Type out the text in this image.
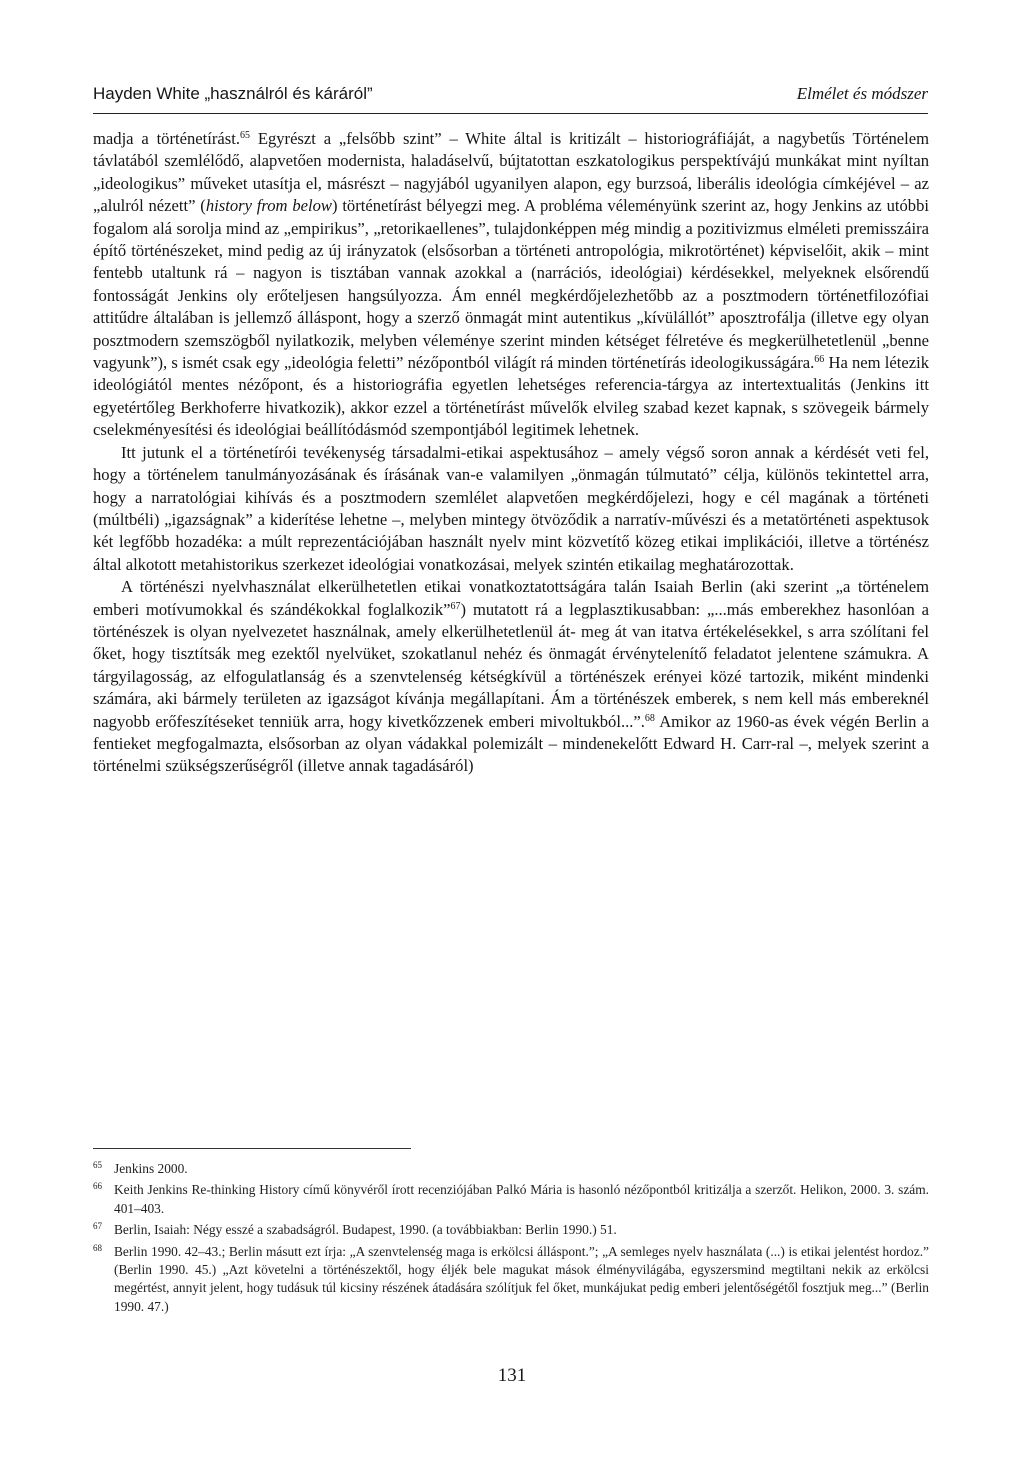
Hayden White „használról és káráról”	Elmélet és módszer

madja a történetírást.$^{65}$ Egyrészt a „felsőbb szint” – White által is kritizált – historiográfiáját, a nagybetűs Történelem távlatából szemlélődő, alapvetően modernista, haladáselvű, bújtatottan eszkatologikus perspektívájú munkákat mint nyíltan „ideologikus” műveket utasítja el, másrészt – nagyjából ugyanilyen alapon, egy burzsoá, liberális ideológia címkéjével – az „alulról nézett” (history from below) történetírást bélyegzi meg. A probléma véleményünk szerint az, hogy Jenkins az utóbbi fogalom alá sorolja mind az „empirikus”, „retorikaellenes”, tulajdonképpen még mindig a pozitivizmus elméleti premisszáira építő történészeket, mind pedig az új irányzatok (elsősorban a történeti antropológia, mikrotörténet) képviselőit, akik – mint fentebb utaltunk rá – nagyon is tisztában vannak azokkal a (narrációs, ideológiai) kérdésekkel, melyeknek elsőrendű fontosságát Jenkins oly erőteljesen hangsúlyozza. Ám ennél megkérdőjelezhetőbb az a posztmodern történetfilozófiai attitűdre általában is jellemző álláspont, hogy a szerző önmagát mint autentikus „kívülállót” aposztrofálja (illetve egy olyan posztmodern szemszögből nyilatkozik, melyben véleménye szerint minden kétséget félretéve és megkerülhetetlenül „benne vagyunk”), s ismét csak egy „ideológia feletti” nézőpontból világít rá minden történetírás ideologikusságára.$^{66}$ Ha nem létezik ideológiától mentes nézőpont, és a historiográfia egyetlen lehetséges referencia-tárgya az intertextualitás (Jenkins itt egyetértőleg Berkhoferre hivatkozik), akkor ezzel a történetírást művelők elvileg szabad kezet kapnak, s szövegeik bármely cselekményesítési és ideológiai beállítódásmód szempontjából legitimek lehetnek.

Itt jutunk el a történetírói tevékenység társadalmi-etikai aspektusához – amely végső soron annak a kérdését veti fel, hogy a történelem tanulmányozásának és írásának van-e valamilyen „önmagán túlmutató” célja, különös tekintettel arra, hogy a narratológiai kihívás és a posztmodern szemlélet alapvetően megkérdőjelezi, hogy e cél magának a történeti (múltbéli) „igazságnak” a kiderítése lehetne –, melyben mintegy ötvöződik a narratív-művészi és a metatörténeti aspektusok két legfőbb hozadéka: a múlt reprezentációjában használt nyelv mint közvetítő közeg etikai implikációi, illetve a történész által alkotott metahistorikus szerkezet ideológiai vonatkozásai, melyek szintén etikailag meghatározottak.

A történészi nyelvhasználat elkerülhetetlen etikai vonatkoztatottságára talán Isaiah Berlin (aki szerint „a történelem emberi motívumokkal és szándékokkal foglalkozik”$^{67}$) mutatott rá a legplasztikusabban: „...más emberekhez hasonlóan a történészek is olyan nyelvezetet használnak, amely elkerülhetetlenül át- meg át van itatva értékelésekkel, s arra szólítani fel őket, hogy tisztítsák meg ezektől nyelvüket, szokatlanul nehéz és önmagát érvénytelenítő feladatot jelentene számukra. A tárgyilagosság, az elfogulatlanság és a szenvtelenség kétségkívül a történészek erényei közé tartozik, miként mindenki számára, aki bármely területen az igazságot kívánja megállapítani. Ám a történészek emberek, s nem kell más embereknél nagyobb erőfeszítéseket tenniük arra, hogy kivetkőzzenek emberi mivoltukból...”.$^{68}$ Amikor az 1960-as évek végén Berlin a fentieket megfogalmazta, elsősorban az olyan vádakkal polemizált – mindenekelőtt Edward H. Carr-ral –, melyek szerint a történelmi szükségszerűségről (illetve annak tagadásáról)

65 Jenkins 2000.
66 Keith Jenkins Re-thinking History című könyvéről írott recenziójában Palkó Mária is hasonló nézőpontból kritizálja a szerzőt. Helikon, 2000. 3. szám. 401–403.
67 Berlin, Isaiah: Négy esszé a szabadságról. Budapest, 1990. (a továbbiakban: Berlin 1990.) 51.
68 Berlin 1990. 42–43.; Berlin másutt ezt írja: „A szenvtelenség maga is erkölcsi álláspont.”; „A semleges nyelv használata (...) is etikai jelentést hordoz.” (Berlin 1990. 45.) „Azt követelni a történészektől, hogy éljék bele magukat mások élményvilágába, egyszersmind megtiltani nekik az erkölcsi megértést, annyit jelent, hogy tudásuk túl kicsiny részének átadására szólítjuk fel őket, munkájukat pedig emberi jelentőségétől fosztjuk meg...” (Berlin 1990. 47.)
131
